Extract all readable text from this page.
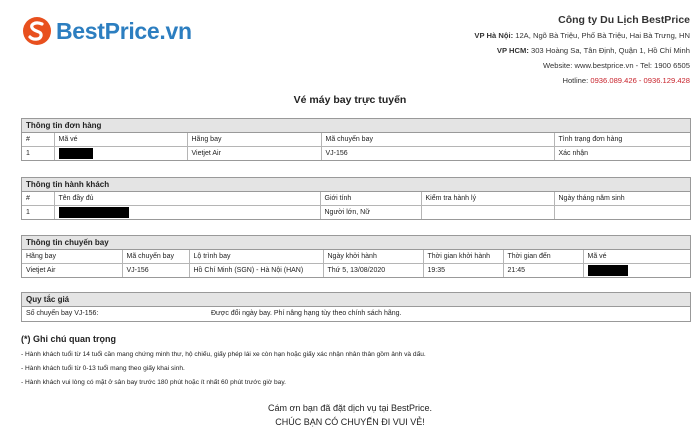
BestPrice.vn	Công ty Du Lịch BestPrice
VP Hà Nội: 12A, Ngõ Bà Triệu, Phố Bà Triệu, Hai Bà Trưng, HN
VP HCM: 303 Hoàng Sa, Tân Định, Quận 1, Hồ Chí Minh
Website: www.bestprice.vn - Tel: 1900 6505
Hotline: 0936.089.426 - 0936.129.428
Vé máy bay trực tuyến
Thông tin đơn hàng
#	Mã vé	Hãng bay	Mã chuyến bay	Tình trạng đơn hàng
1		Vietjet Air	VJ-156	Xác nhận
Thông tin hành khách
#	Tên đầy đủ	Giới tính	Kiểm tra hành lý	Ngày tháng năm sinh
1		Người lớn, Nữ		
Thông tin chuyến bay
Hãng bay	Mã chuyến bay	Lộ trình bay	Ngày khởi hành	Thời gian khởi hành	Thời gian đến	Mã vé
Vietjet Air	VJ-156	Hồ Chí Minh (SGN) - Hà Nội (HAN)	Thứ 5, 13/08/2020	19:35	21:45	
Quy tắc giá
Số chuyến bay VJ-156:	Được đổi ngày bay. Phí nâng hạng tùy theo chính sách hãng.
(*) Ghi chú quan trọng
- Hành khách tuổi từ 14 tuổi cần mang chứng minh thư, hộ chiếu, giấy phép lái xe còn hạn hoặc giấy xác nhận nhân thân gồm ảnh và dấu.
- Hành khách tuổi từ 0-13 tuổi mang theo giấy khai sinh.
- Hành khách vui lòng có mặt ở sân bay trước 180 phút hoặc ít nhất 60 phút trước giờ bay.
Cám ơn bạn đã đặt dịch vụ tại BestPrice.
CHÚC BẠN CÓ CHUYẾN ĐI VUI VẺ!
